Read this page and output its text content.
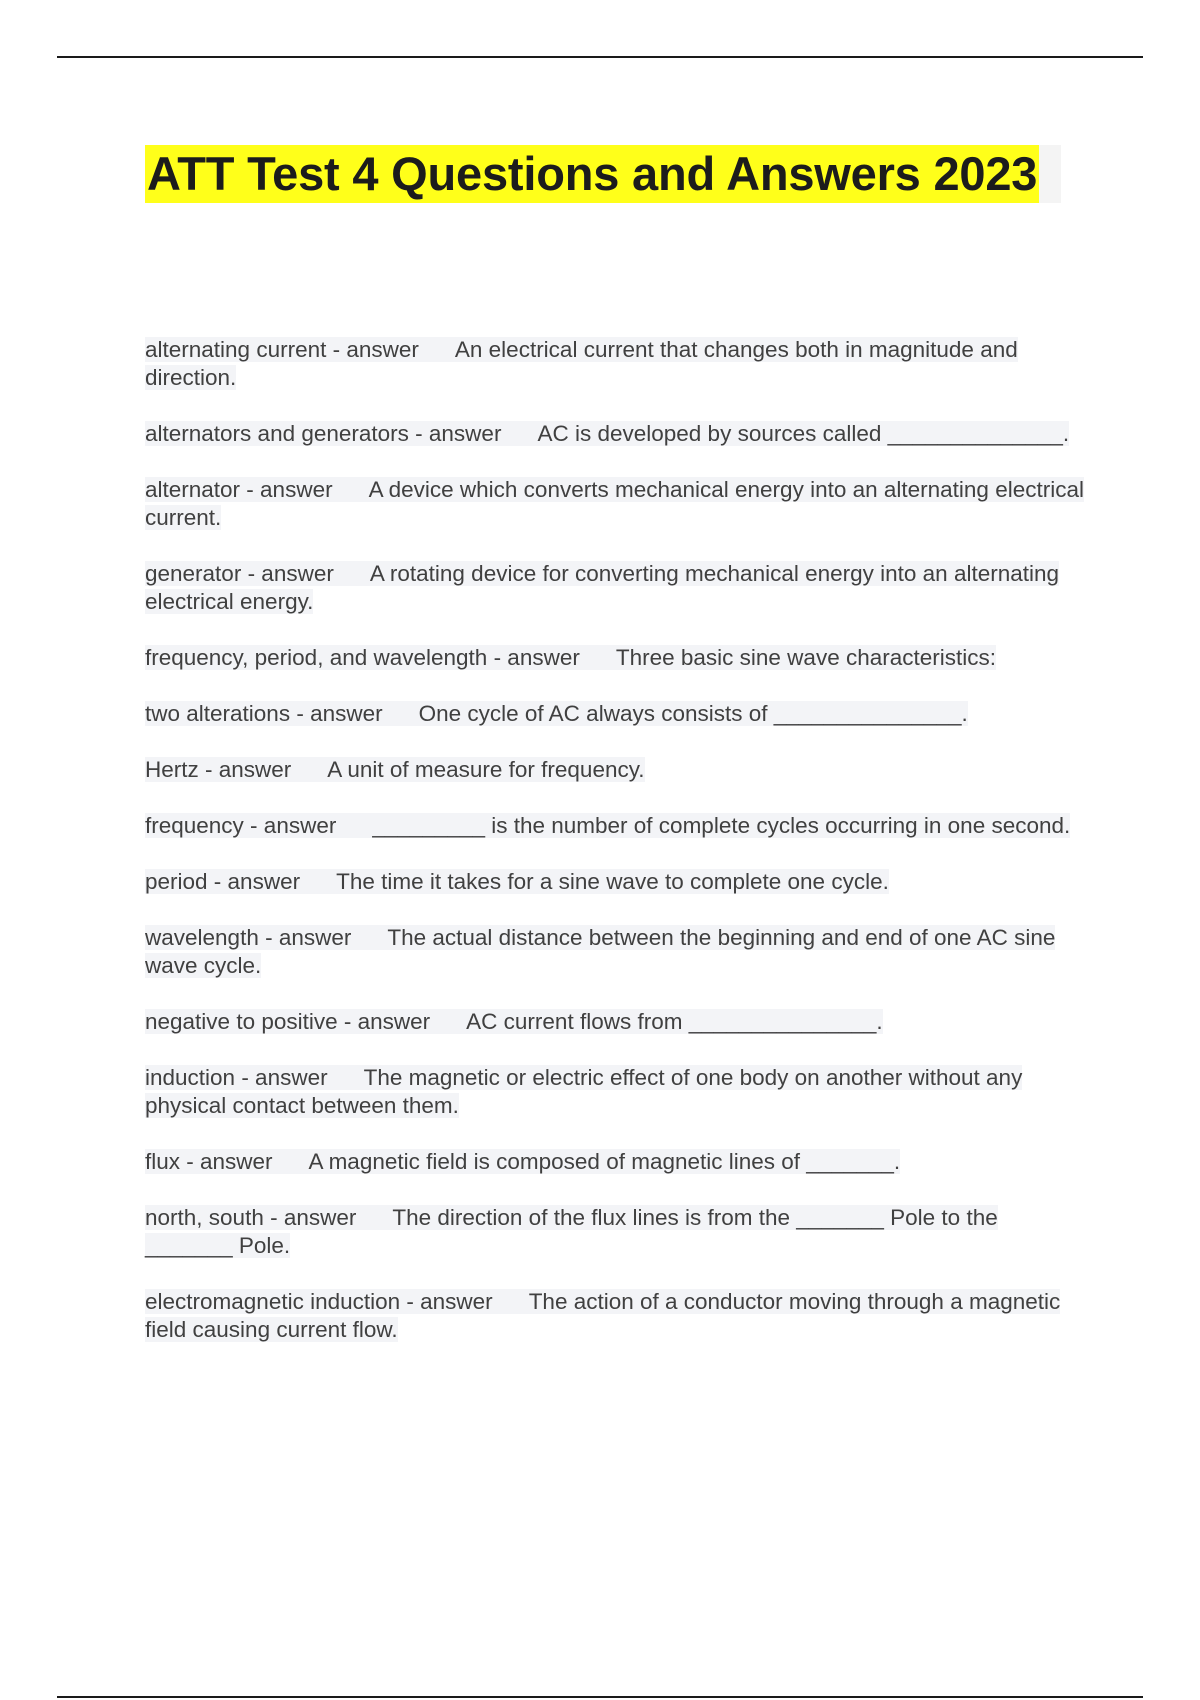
ATT Test 4 Questions and Answers 2023
alternating current - answer An electrical current that changes both in magnitude and direction.
alternators and generators - answer AC is developed by sources called ______________.
alternator - answer A device which converts mechanical energy into an alternating electrical current.
generator - answer A rotating device for converting mechanical energy into an alternating electrical energy.
frequency, period, and wavelength - answer Three basic sine wave characteristics:
two alterations - answer One cycle of AC always consists of _______________.
Hertz - answer A unit of measure for frequency.
frequency - answer _________ is the number of complete cycles occurring in one second.
period - answer The time it takes for a sine wave to complete one cycle.
wavelength - answer The actual distance between the beginning and end of one AC sine wave cycle.
negative to positive - answer AC current flows from _______________.
induction - answer The magnetic or electric effect of one body on another without any physical contact between them.
flux - answer A magnetic field is composed of magnetic lines of _______.
north, south - answer The direction of the flux lines is from the _______ Pole to the _______ Pole.
electromagnetic induction - answer The action of a conductor moving through a magnetic field causing current flow.
